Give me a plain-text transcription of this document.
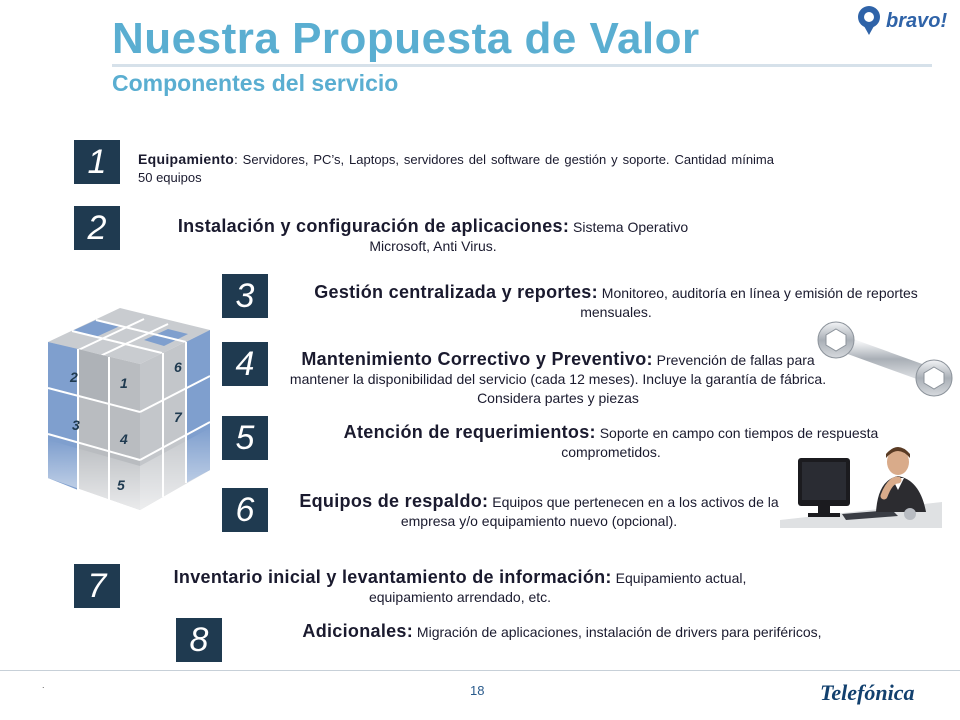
Nuestra Propuesta de Valor
Componentes del servicio
bravo!
2	1
6
3
4
7
5
1	Equipamiento: Servidores, PC’s, Laptops, servidores del software de gestión y soporte. Cantidad mínima 50 equipos
2	Instalación y configuración de aplicaciones: Sistema Operativo Microsoft, Anti Virus.
3	Gestión centralizada y reportes: Monitoreo, auditoría en línea y emisión de reportes mensuales.
4	Mantenimiento Correctivo y Preventivo: Prevención de fallas para mantener la disponibilidad del servicio (cada 12 meses). Incluye la garantía de fábrica. Considera partes y piezas
5	Atención de requerimientos: Soporte en campo con tiempos de respuesta comprometidos.
6	Equipos de respaldo: Equipos que pertenecen en a los activos de la empresa y/o equipamiento nuevo (opcional).
7	Inventario inicial y levantamiento de información: Equipamiento actual, equipamiento arrendado, etc.
8	Adicionales: Migración de aplicaciones, instalación de drivers para periféricos,
.	18	Telefónica
